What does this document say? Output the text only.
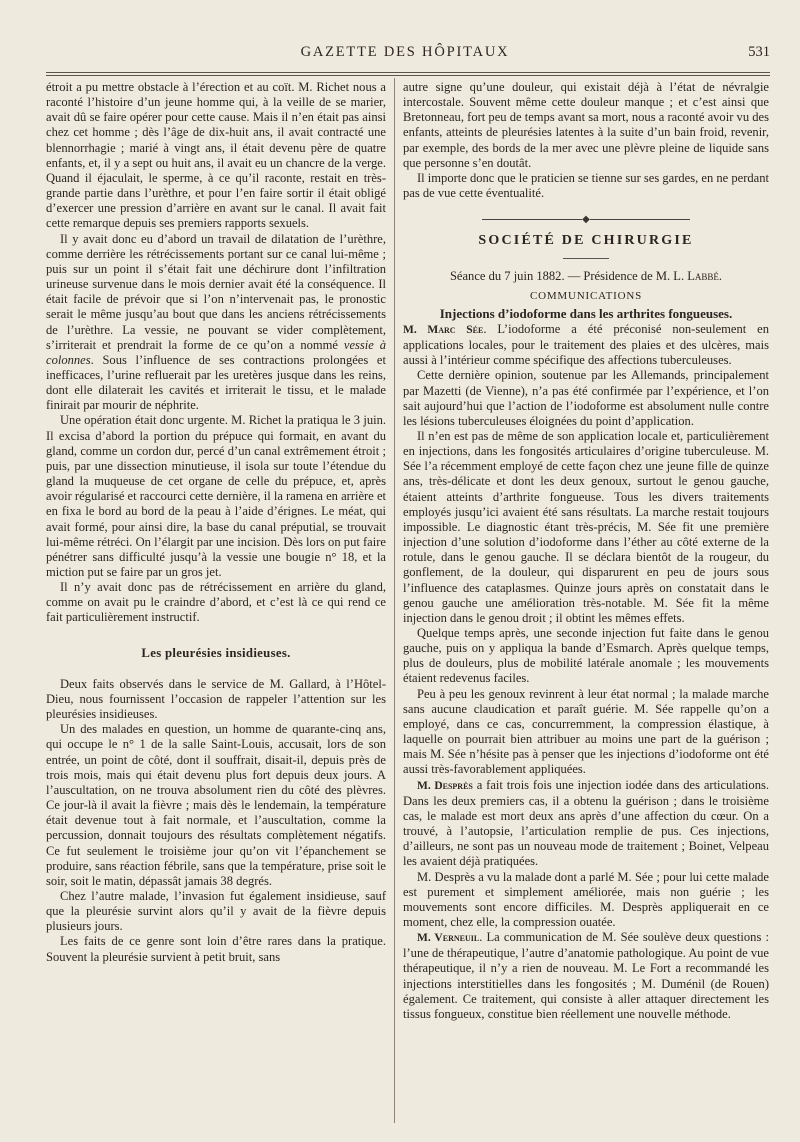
GAZETTE DES HÔPITAUX	531

étroit a pu mettre obstacle à l’érection et au coït. M. Richet nous a raconté l’histoire d’un jeune homme qui, à la veille de se marier, avait dû se faire opérer pour cette cause. Mais il n’en était pas ainsi chez cet homme ; dès l’âge de dix-huit ans, il avait contracté une blennorrhagie ; marié à vingt ans, il était devenu père de quatre enfants, et, il y a sept ou huit ans, il avait eu un chancre de la verge. Quand il éjaculait, le sperme, à ce qu’il raconte, restait en très-grande partie dans l’urèthre, et pour l’en faire sortir il était obligé d’exercer une pression d’arrière en avant sur le canal. Il avait fait cette remarque depuis ses premiers rapports sexuels.

Il y avait donc eu d’abord un travail de dilatation de l’urèthre, comme derrière les rétrécissements portant sur ce canal lui-même ; puis sur un point il s’était fait une déchirure dont l’infiltration urineuse survenue dans le mois dernier avait été la conséquence. Il était facile de prévoir que si l’on n’intervenait pas, le pronostic serait le même jusqu’au bout que dans les anciens rétrécissements de l’urèthre. La vessie, ne pouvant se vider complètement, s’irriterait et prendrait la forme de ce qu’on a nommé vessie à colonnes. Sous l’influence de ses contractions prolongées et inefficaces, l’urine refluerait par les uretères jusque dans les reins, dont elle dilaterait les cavités et irriterait le tissu, et le malade finirait par mourir de néphrite.

Une opération était donc urgente. M. Richet la pratiqua le 3 juin. Il excisa d’abord la portion du prépuce qui formait, en avant du gland, comme un cordon dur, percé d’un canal extrêmement étroit ; puis, par une dissection minutieuse, il isola sur toute l’étendue du gland la muqueuse de cet organe de celle du prépuce, et, après avoir régularisé et raccourci cette dernière, il la ramena en arrière et en fixa le bord au bord de la peau à l’aide d’érignes. Le méat, qui avait formé, pour ainsi dire, la base du canal préputial, se trouvait lui-même rétréci. On l’élargit par une incision. Dès lors on put faire pénétrer sans difficulté jusqu’à la vessie une bougie n° 18, et la miction put se faire par un gros jet.

Il n’y avait donc pas de rétrécissement en arrière du gland, comme on avait pu le craindre d’abord, et c’est là ce qui rend ce fait particulièrement instructif.

Les pleurésies insidieuses.

Deux faits observés dans le service de M. Gallard, à l’Hôtel-Dieu, nous fournissent l’occasion de rappeler l’attention sur les pleurésies insidieuses.

Un des malades en question, un homme de quarante-cinq ans, qui occupe le n° 1 de la salle Saint-Louis, accusait, lors de son entrée, un point de côté, dont il souffrait, disait-il, depuis près de trois mois, mais qui était devenu plus fort depuis deux jours. A l’auscultation, on ne trouva absolument rien du côté des plèvres. Ce jour-là il avait la fièvre ; mais dès le lendemain, la température était devenue tout à fait normale, et l’auscultation, comme la percussion, donnait toujours des résultats complètement négatifs. Ce fut seulement le troisième jour qu’on vit l’épanchement se produire, sans réaction fébrile, sans que la température, prise soit le soir, soit le matin, dépassât jamais 38 degrés.

Chez l’autre malade, l’invasion fut également insidieuse, sauf que la pleurésie survint alors qu’il y avait de la fièvre depuis plusieurs jours.

Les faits de ce genre sont loin d’être rares dans la pratique. Souvent la pleurésie survient à petit bruit, sans

autre signe qu’une douleur, qui existait déjà à l’état de névralgie intercostale. Souvent même cette douleur manque ; et c’est ainsi que Bretonneau, fort peu de temps avant sa mort, nous a raconté avoir vu des enfants, atteints de pleurésies latentes à la suite d’un bain froid, revenir, par exemple, des bords de la mer avec une plèvre pleine de liquide sans que personne s’en doutât.

Il importe donc que le praticien se tienne sur ses gardes, en ne perdant pas de vue cette éventualité.

◆
SOCIÉTÉ DE CHIRURGIE
Séance du 7 juin 1882. — Présidence de M. L. Labbé.
COMMUNICATIONS
Injections d’iodoforme dans les arthrites fongueuses.

M. Marc Sée. L’iodoforme a été préconisé non-seulement en applications locales, pour le traitement des plaies et des ulcères, mais aussi à l’intérieur comme spécifique des affections tuberculeuses.

Cette dernière opinion, soutenue par les Allemands, principalement par Mazetti (de Vienne), n’a pas été confirmée par l’expérience, et l’on sait aujourd’hui que l’action de l’iodoforme est absolument nulle contre les lésions tuberculeuses éloignées du point d’application.

Il n’en est pas de même de son application locale et, particulièrement en injections, dans les fongosités articulaires d’origine tuberculeuse. M. Sée l’a récemment employé de cette façon chez une jeune fille de quinze ans, très-délicate et dont les deux genoux, surtout le genou gauche, étaient atteints d’arthrite fongueuse. Tous les divers traitements employés jusqu’ici avaient été sans résultats. La marche restait toujours impossible. Le diagnostic étant très-précis, M. Sée fit une première injection d’une solution d’iodoforme dans l’éther au côté externe de la rotule, dans le genou gauche. Il se déclara bientôt de la rougeur, du gonflement, de la douleur, qui disparurent en peu de jours sous l’influence des cataplasmes. Quinze jours après on constatait dans le genou gauche une amélioration très-notable. M. Sée fit la même injection dans le genou droit ; il obtint les mêmes effets.

Quelque temps après, une seconde injection fut faite dans le genou gauche, puis on y appliqua la bande d’Esmarch. Après quelque temps, plus de douleurs, plus de mobilité latérale anomale ; les mouvements étaient redevenus faciles.

Peu à peu les genoux revinrent à leur état normal ; la malade marche sans aucune claudication et paraît guérie. M. Sée rappelle qu’on a employé, dans ce cas, concurremment, la compression élastique, à laquelle on pourrait bien attribuer au moins une part de la guérison ; mais M. Sée n’hésite pas à penser que les injections d’iodoforme ont été aussi très-favorablement appliquées.

M. Desprès a fait trois fois une injection iodée dans des articulations. Dans les deux premiers cas, il a obtenu la guérison ; dans le troisième cas, le malade est mort deux ans après d’une affection du cœur. On a trouvé, à l’autopsie, l’articulation remplie de pus. Ces injections, d’ailleurs, ne sont pas un nouveau mode de traitement ; Boinet, Velpeau les avaient déjà pratiquées.

M. Desprès a vu la malade dont a parlé M. Sée ; pour lui cette malade est purement et simplement améliorée, mais non guérie ; les mouvements sont encore difficiles. M. Desprès appliquerait en ce moment, chez elle, la compression ouatée.

M. Verneuil. La communication de M. Sée soulève deux questions : l’une de thérapeutique, l’autre d’anatomie pathologique. Au point de vue thérapeutique, il n’y a rien de nouveau. M. Le Fort a recommandé les injections interstitielles dans les fongosités ; M. Duménil (de Rouen) également. Ce traitement, qui consiste à aller attaquer directement les tissus fongueux, constitue bien réellement une nouvelle méthode.
